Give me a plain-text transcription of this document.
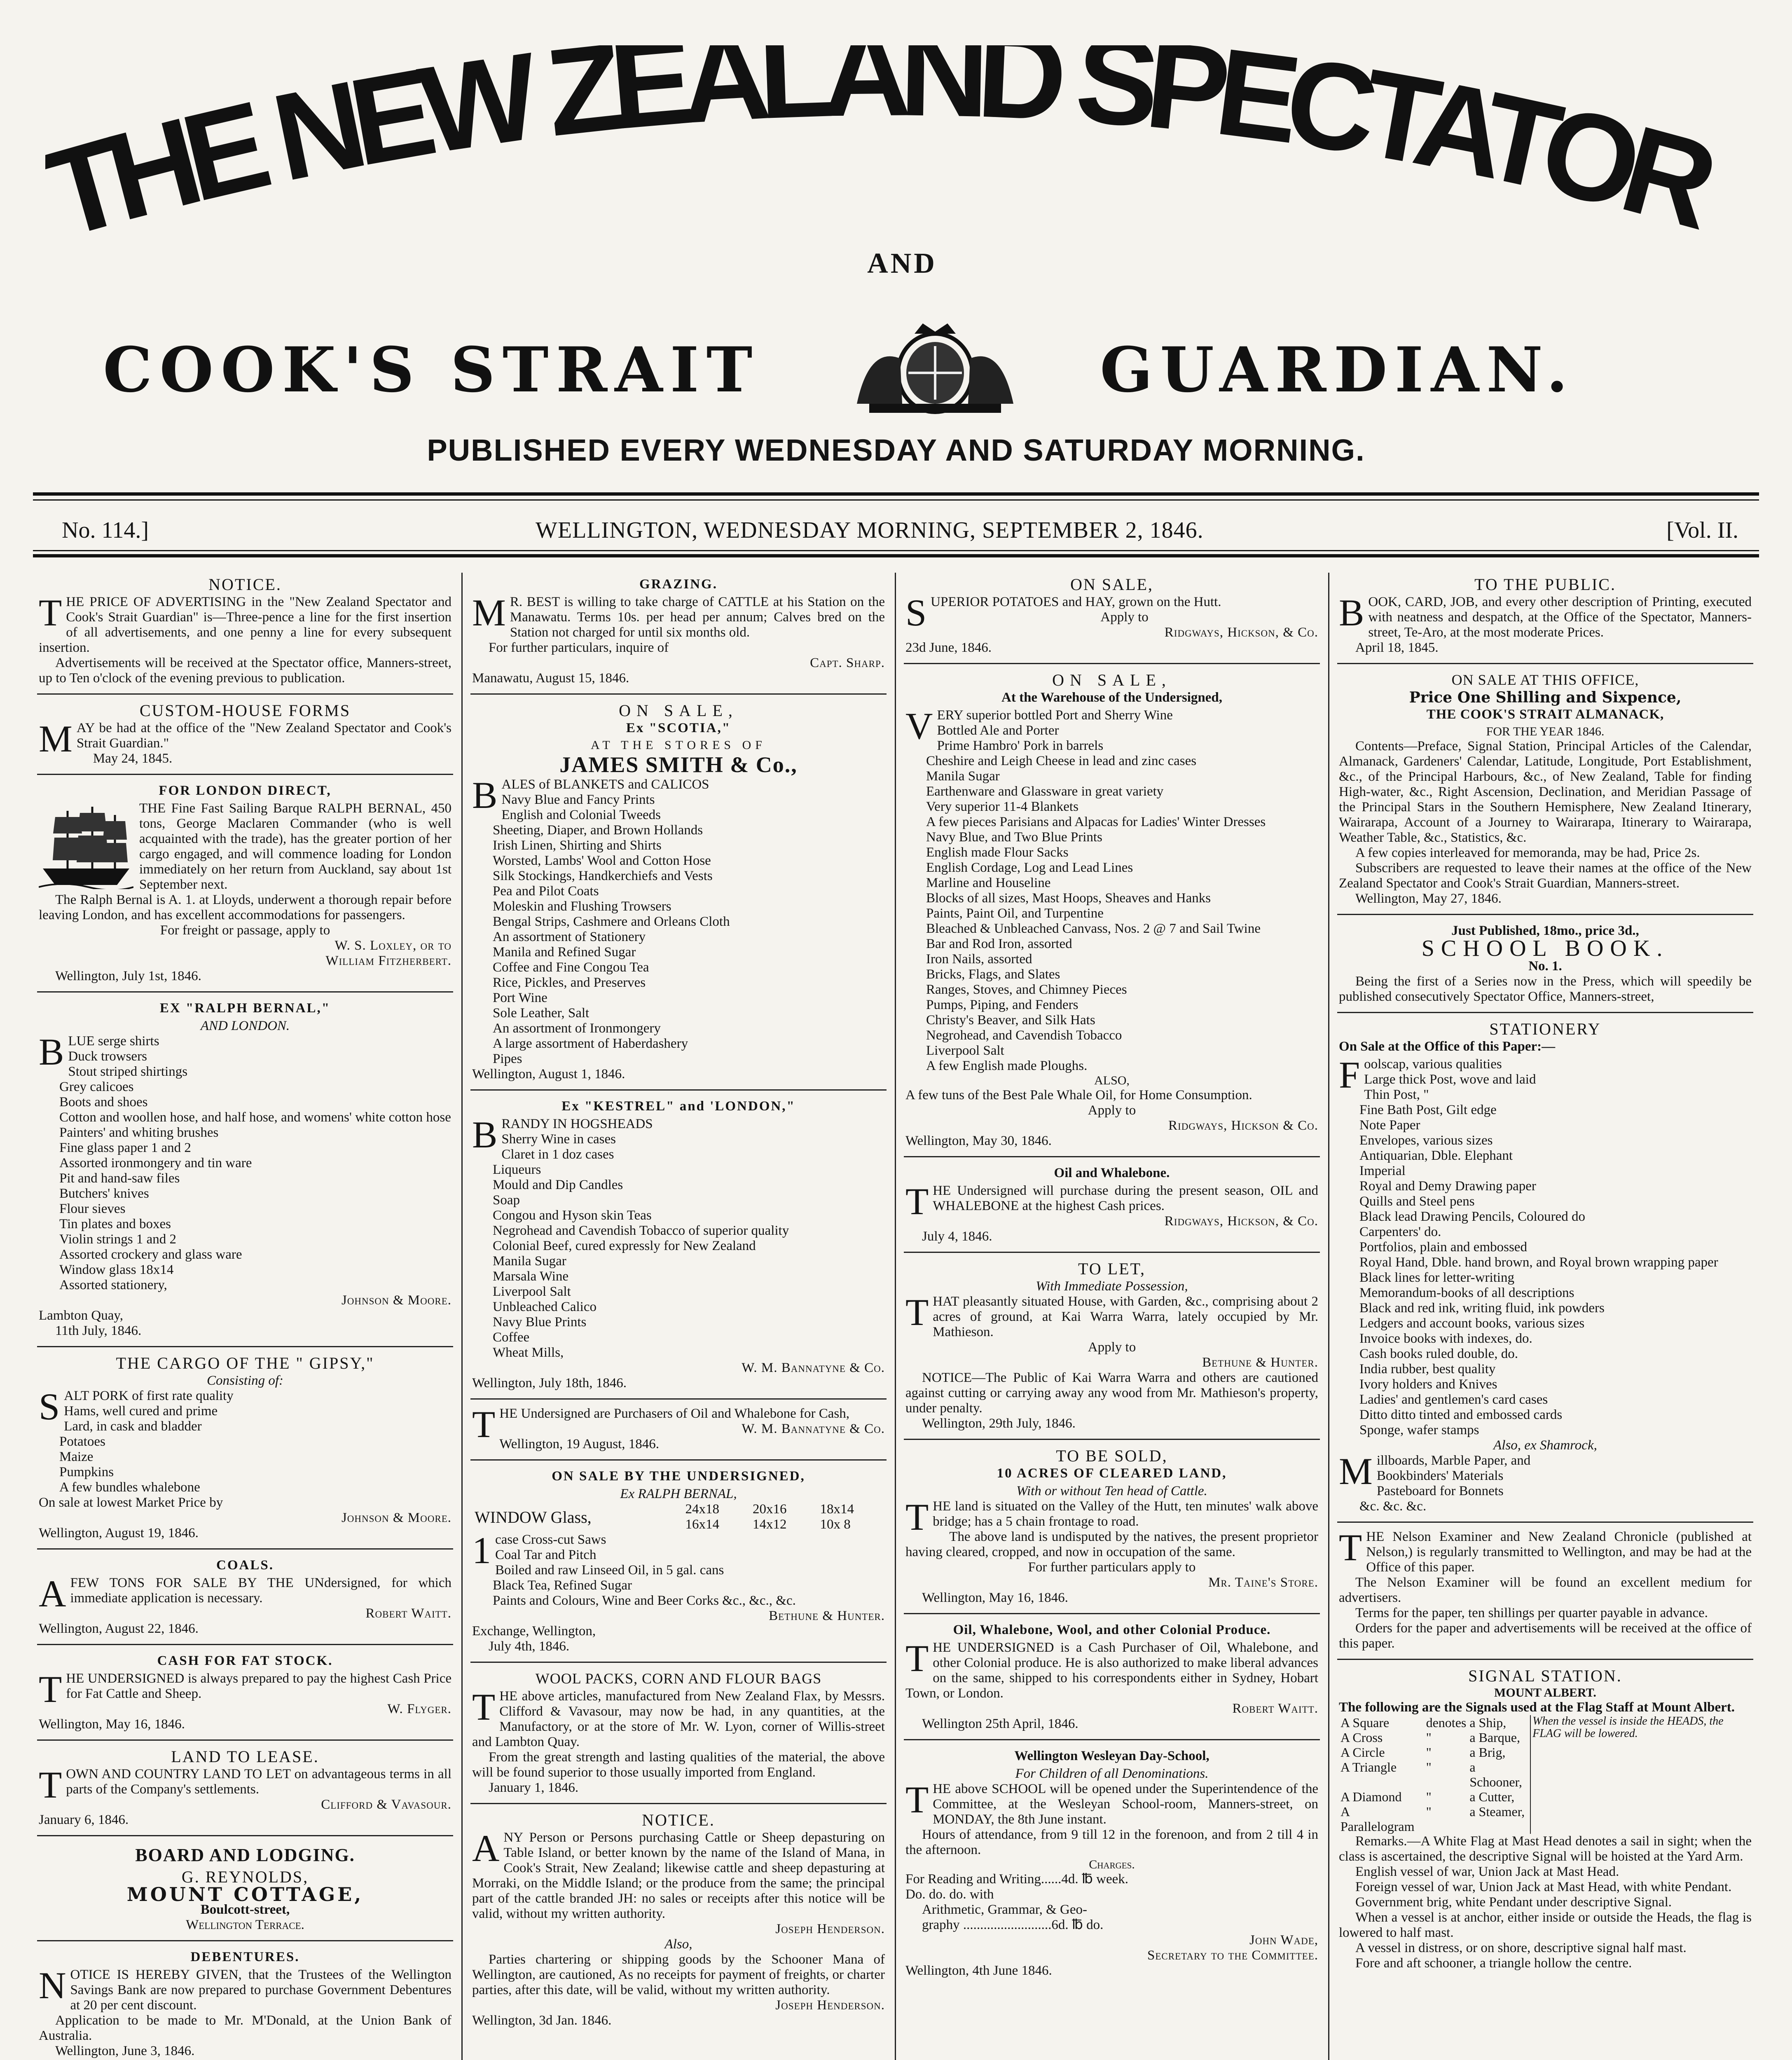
HE NEW ZEALAND SPECTATOR
AND
COOK'S STRAIT	GUARDIAN.
PUBLISHED EVERY WEDNESDAY AND SATURDAY MORNING.
No. 114.]	WELLINGTON, WEDNESDAY MORNING, SEPTEMBER 2, 1846.	[Vol. II.
NOTICE.

THE PRICE OF ADVERTISING in the "New Zealand Spectator and Cook's Strait Guardian" is—Three-pence a line for the first insertion of all advertisements, and one penny a line for every subsequent insertion.

Advertisements will be received at the Spectator office, Manners-street, up to Ten o'clock of the evening previous to publication.

CUSTOM-HOUSE FORMS

MAY be had at the office of the "New Zealand Spectator and Cook's Strait Guardian."

May 24, 1845.

FOR LONDON DIRECT,

THE Fine Fast Sailing Barque RALPH BERNAL, 450 tons, George Maclaren Commander (who is well acquainted with the trade), has the greater portion of her cargo engaged, and will commence loading for London immediately on her return from Auckland, say about 1st September next.

The Ralph Bernal is A. 1. at Lloyds, underwent a thorough repair before leaving London, and has excellent accommodations for passengers.

For freight or passage, apply to

W. S. Loxley, or to
William Fitzherbert.

Wellington, July 1st, 1846.

EX "RALPH BERNAL,"
AND LONDON.
BLUE serge shirts
Duck trowsers
Stout striped shirtings
Grey calicoes
Boots and shoes
Cotton and woollen hose, and half hose, and womens' white cotton hose
Painters' and whiting brushes
Fine glass paper 1 and 2
Assorted ironmongery and tin ware
Pit and hand-saw files
Butchers' knives
Flour sieves
Tin plates and boxes
Violin strings 1 and 2
Assorted crockery and glass ware
Window glass 18x14
Assorted stationery,
Johnson & Moore.

Lambton Quay,

11th July, 1846.

THE CARGO OF THE " GIPSY,"
Consisting of:
SALT PORK of first rate quality
Hams, well cured and prime
Lard, in cask and bladder
Potatoes
Maize
Pumpkins
A few bundles whalebone

On sale at lowest Market Price by

Johnson & Moore.

Wellington, August 19, 1846.

COALS.

AFEW TONS FOR SALE BY THE UNdersigned, for which immediate application is necessary.

Robert Waitt.

Wellington, August 22, 1846.

CASH FOR FAT STOCK.

THE UNDERSIGNED is always prepared to pay the highest Cash Price for Fat Cattle and Sheep.

W. Flyger.

Wellington, May 16, 1846.

LAND TO LEASE.

TOWN AND COUNTRY LAND TO LET on advantageous terms in all parts of the Company's settlements.

Clifford & Vavasour.

January 6, 1846.

BOARD AND LODGING.
G. REYNOLDS,
MOUNT COTTAGE,
Boulcott-street,
Wellington Terrace.
DEBENTURES.

NOTICE IS HEREBY GIVEN, that the Trustees of the Wellington Savings Bank are now prepared to purchase Government Debentures at 20 per cent discount.

Application to be made to Mr. M'Donald, at the Union Bank of Australia.

Wellington, June 3, 1846.

GRAZING.

MR. BEST is willing to take charge of CATTLE at his Station on the Manawatu. Terms 10s. per head per annum; Calves bred on the Station not charged for until six months old.

For further particulars, inquire of

Capt. Sharp.

Manawatu, August 15, 1846.

ON SALE,
Ex "SCOTIA,"
AT THE STORES OF
JAMES SMITH & Co.,
BALES of BLANKETS and CALICOS
Navy Blue and Fancy Prints
English and Colonial Tweeds
Sheeting, Diaper, and Brown Hollands
Irish Linen, Shirting and Shirts
Worsted, Lambs' Wool and Cotton Hose
Silk Stockings, Handkerchiefs and Vests
Pea and Pilot Coats
Moleskin and Flushing Trowsers
Bengal Strips, Cashmere and Orleans Cloth
An assortment of Stationery
Manila and Refined Sugar
Coffee and Fine Congou Tea
Rice, Pickles, and Preserves
Port Wine
Sole Leather, Salt
An assortment of Ironmongery
A large assortment of Haberdashery
Pipes

Wellington, August 1, 1846.

Ex "KESTREL" and 'LONDON,"
BRANDY IN HOGSHEADS
Sherry Wine in cases
Claret in 1 doz cases
Liqueurs
Mould and Dip Candles
Soap
Congou and Hyson skin Teas
Negrohead and Cavendish Tobacco of superior quality
Colonial Beef, cured expressly for New Zealand
Manila Sugar
Marsala Wine
Liverpool Salt
Unbleached Calico
Navy Blue Prints
Coffee
Wheat Mills,
W. M. Bannatyne & Co.

Wellington, July 18th, 1846.

THE Undersigned are Purchasers of Oil and Whalebone for Cash,

W. M. Bannatyne & Co.

Wellington, 19 August, 1846.

ON SALE BY THE UNDERSIGNED,
Ex RALPH BERNAL,
WINDOW Glass,	24x18	20x16	18x14
	16x14	14x12	10x 8
1case Cross-cut Saws
Coal Tar and Pitch
Boiled and raw Linseed Oil, in 5 gal. cans
Black Tea, Refined Sugar
Paints and Colours, Wine and Beer Corks &c., &c., &c.
Bethune & Hunter.

Exchange, Wellington,

July 4th, 1846.

WOOL PACKS, CORN AND FLOUR BAGS

THE above articles, manufactured from New Zealand Flax, by Messrs. Clifford & Vavasour, may now be had, in any quantities, at the Manufactory, or at the store of Mr. W. Lyon, corner of Willis-street and Lambton Quay.

From the great strength and lasting qualities of the material, the above will be found superior to those usually imported from England.

January 1, 1846.

NOTICE.

ANY Person or Persons purchasing Cattle or Sheep depasturing on Table Island, or better known by the name of the Island of Mana, in Cook's Strait, New Zealand; likewise cattle and sheep depasturing at Morraki, on the Middle Island; or the produce from the same; the principal part of the cattle branded JH: no sales or receipts after this notice will be valid, without my written authority.

Joseph Henderson.
Also,

Parties chartering or shipping goods by the Schooner Mana of Wellington, are cautioned, As no receipts for payment of freights, or charter parties, after this date, will be valid, without my written authority.

Joseph Henderson.

Wellington, 3d Jan. 1846.

ON SALE,

SUPERIOR POTATOES and HAY, grown on the Hutt.

Apply to

Ridgways, Hickson, & Co.

23d June, 1846.

ON SALE,
At the Warehouse of the Undersigned,
VERY superior bottled Port and Sherry Wine
Bottled Ale and Porter
Prime Hambro' Pork in barrels
Cheshire and Leigh Cheese in lead and zinc cases
Manila Sugar
Earthenware and Glassware in great variety
Very superior 11-4 Blankets
A few pieces Parisians and Alpacas for Ladies' Winter Dresses
Navy Blue, and Two Blue Prints
English made Flour Sacks
English Cordage, Log and Lead Lines
Marline and Houseline
Blocks of all sizes, Mast Hoops, Sheaves and Hanks
Paints, Paint Oil, and Turpentine
Bleached & Unbleached Canvass, Nos. 2 @ 7 and Sail Twine
Bar and Rod Iron, assorted
Iron Nails, assorted
Bricks, Flags, and Slates
Ranges, Stoves, and Chimney Pieces
Pumps, Piping, and Fenders
Christy's Beaver, and Silk Hats
Negrohead, and Cavendish Tobacco
Liverpool Salt
A few English made Ploughs.
ALSO,

A few tuns of the Best Pale Whale Oil, for Home Consumption.

Apply to

Ridgways, Hickson & Co.

Wellington, May 30, 1846.

Oil and Whalebone.

THE Undersigned will purchase during the present season, OIL and WHALEBONE at the highest Cash prices.

Ridgways, Hickson, & Co.

July 4, 1846.

TO LET,
With Immediate Possession,

THAT pleasantly situated House, with Garden, &c., comprising about 2 acres of ground, at Kai Warra Warra, lately occupied by Mr. Mathieson.

Apply to

Bethune & Hunter.

NOTICE—The Public of Kai Warra Warra and others are cautioned against cutting or carrying away any wood from Mr. Mathieson's property, under penalty.

Wellington, 29th July, 1846.

TO BE SOLD,
10 ACRES OF CLEARED LAND,
With or without Ten head of Cattle.

THE land is situated on the Valley of the Hutt, ten minutes' walk above bridge; has a 5 chain frontage to road.

The above land is undisputed by the natives, the present proprietor having cleared, cropped, and now in occupation of the same.

For further particulars apply to

Mr. Taine's Store.

Wellington, May 16, 1846.

Oil, Whalebone, Wool, and other Colonial Produce.

THE UNDERSIGNED is a Cash Purchaser of Oil, Whalebone, and other Colonial produce. He is also authorized to make liberal advances on the same, shipped to his correspondents either in Sydney, Hobart Town, or London.

Robert Waitt.

Wellington 25th April, 1846.

Wellington Wesleyan Day-School,
For Children of all Denominations.

THE above SCHOOL will be opened under the Superintendence of the Committee, at the Wesleyan School-room, Manners-street, on MONDAY, the 8th June instant.

Hours of attendance, from 9 till 12 in the forenoon, and from 2 till 4 in the afternoon.

Charges.

For Reading and Writing......4d. ℔ week.

Do. do. do. with

Arithmetic, Grammar, & Geo-

graphy ..........................6d. ℔ do.

John Wade,
Secretary to the Committee.

Wellington, 4th June 1846.

TO THE PUBLIC.

BOOK, CARD, JOB, and every other description of Printing, executed with neatness and despatch, at the Office of the Spectator, Manners-street, Te-Aro, at the most moderate Prices.

April 18, 1845.

ON SALE AT THIS OFFICE,
Price One Shilling and Sixpence,
THE COOK'S STRAIT ALMANACK,
FOR THE YEAR 1846.

Contents—Preface, Signal Station, Principal Articles of the Calendar, Almanack, Gardeners' Calendar, Latitude, Longitude, Port Establishment, &c., of the Principal Harbours, &c., of New Zealand, Table for finding High-water, &c., Right Ascension, Declination, and Meridian Passage of the Principal Stars in the Southern Hemisphere, New Zealand Itinerary, Wairarapa, Account of a Journey to Wairarapa, Itinerary to Wairarapa, Weather Table, &c., Statistics, &c.

A few copies interleaved for memoranda, may be had, Price 2s.

Subscribers are requested to leave their names at the office of the New Zealand Spectator and Cook's Strait Guardian, Manners-street.

Wellington, May 27, 1846.

Just Published, 18mo., price 3d.,
SCHOOL BOOK.
No. 1.

Being the first of a Series now in the Press, which will speedily be published consecutively Spectator Office, Manners-street,

STATIONERY
On Sale at the Office of this Paper:—
Foolscap, various qualities
Large thick Post, wove and laid
Thin Post, "
Fine Bath Post, Gilt edge
Note Paper
Envelopes, various sizes
Antiquarian, Dble. Elephant
Imperial
Royal and Demy Drawing paper
Quills and Steel pens
Black lead Drawing Pencils, Coloured do
Carpenters' do.
Portfolios, plain and embossed
Royal Hand, Dble. hand brown, and Royal brown wrapping paper
Black lines for letter-writing
Memorandum-books of all descriptions
Black and red ink, writing fluid, ink powders
Ledgers and account books, various sizes
Invoice books with indexes, do.
Cash books ruled double, do.
India rubber, best quality
Ivory holders and Knives
Ladies' and gentlemen's card cases
Ditto ditto tinted and embossed cards
Sponge, wafer stamps
Also, ex Shamrock,
Millboards, Marble Paper, and
Bookbinders' Materials
Pasteboard for Bonnets
&c. &c. &c.

THE Nelson Examiner and New Zealand Chronicle (published at Nelson,) is regularly transmitted to Wellington, and may be had at the Office of this paper.

The Nelson Examiner will be found an excellent medium for advertisers.

Terms for the paper, ten shillings per quarter payable in advance.

Orders for the paper and advertisements will be received at the office of this paper.

SIGNAL STATION.
MOUNT ALBERT.

The following are the Signals used at the Flag Staff at Mount Albert.

A Square	denotes	a Ship,	When the vessel is inside the HEADS, the FLAG will be lowered.
A Cross	"	a Barque,	
A Circle	"	a Brig,	
A Triangle	"	a Schooner,	
A Diamond	"	a Cutter,	
A Parallelogram	"	a Steamer,	

Remarks.—A White Flag at Mast Head denotes a sail in sight; when the class is ascertained, the descriptive Signal will be hoisted at the Yard Arm.

English vessel of war, Union Jack at Mast Head.

Foreign vessel of war, Union Jack at Mast Head, with white Pendant.

Government brig, white Pendant under descriptive Signal.

When a vessel is at anchor, either inside or outside the Heads, the flag is lowered to half mast.

A vessel in distress, or on shore, descriptive signal half mast.

Fore and aft schooner, a triangle hollow the centre.
